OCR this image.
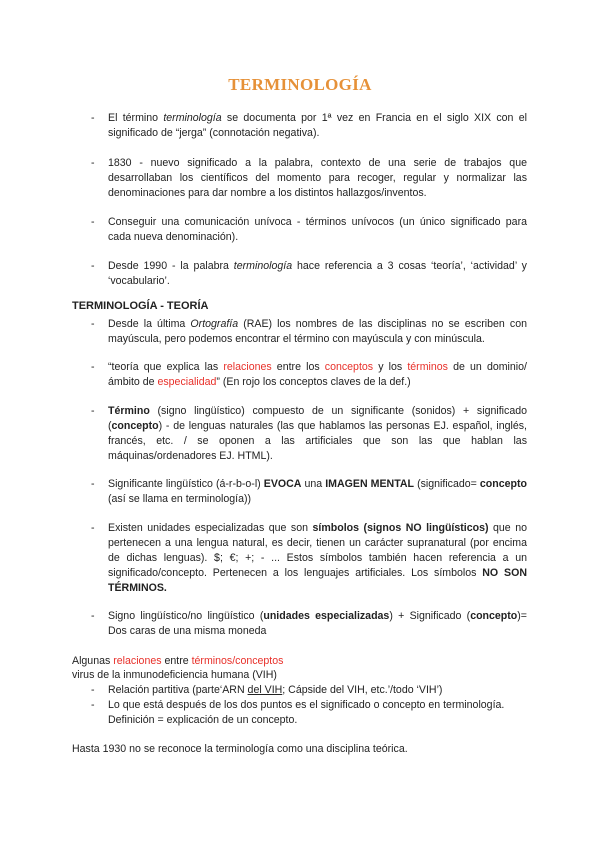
TERMINOLOGÍA
- El término terminología se documenta por 1ª vez en Francia en el siglo XIX con el significado de “jerga” (connotación negativa).
- 1830 - nuevo significado a la palabra, contexto de una serie de trabajos que desarrollaban los científicos del momento para recoger, regular y normalizar las denominaciones para dar nombre a los distintos hallazgos/inventos.
- Conseguir una comunicación unívoca - términos unívocos (un único significado para cada nueva denominación).
- Desde 1990 - la palabra terminología hace referencia a 3 cosas ‘teoría’, ‘actividad’ y ‘vocabulario’.
TERMINOLOGÍA - TEORÍA
- Desde la última Ortografía (RAE) los nombres de las disciplinas no se escriben con mayúscula, pero podemos encontrar el término con mayúscula y con minúscula.
- “teoría que explica las relaciones entre los conceptos y los términos de un dominio/ámbito de especialidad” (En rojo los conceptos claves de la def.)
- Término (signo lingüístico) compuesto de un significante (sonidos) + significado (concepto) - de lenguas naturales (las que hablamos las personas EJ. español, inglés, francés, etc. / se oponen a las artificiales que son las que hablan las máquinas/ordenadores EJ. HTML).
- Significante lingüístico (á-r-b-o-l) EVOCA una IMAGEN MENTAL (significado= concepto (así se llama en terminología))
- Existen unidades especializadas que son símbolos (signos NO lingüísticos) que no pertenecen a una lengua natural, es decir, tienen un carácter supranatural (por encima de dichas lenguas). $; €; +; - ... Estos símbolos también hacen referencia a un significado/concepto. Pertenecen a los lenguajes artificiales. Los símbolos NO SON TÉRMINOS.
- Signo lingüístico/no lingüístico (unidades especializadas) + Significado (concepto)= Dos caras de una misma moneda
Algunas relaciones entre términos/conceptos
virus de la inmunodeficiencia humana (VIH)
- Relación partitiva (parte‘ARN del VIH; Cápside del VIH, etc.’/todo ‘VIH’)
- Lo que está después de los dos puntos es el significado o concepto en terminología. Definición = explicación de un concepto.
Hasta 1930 no se reconoce la terminología como una disciplina teórica.
